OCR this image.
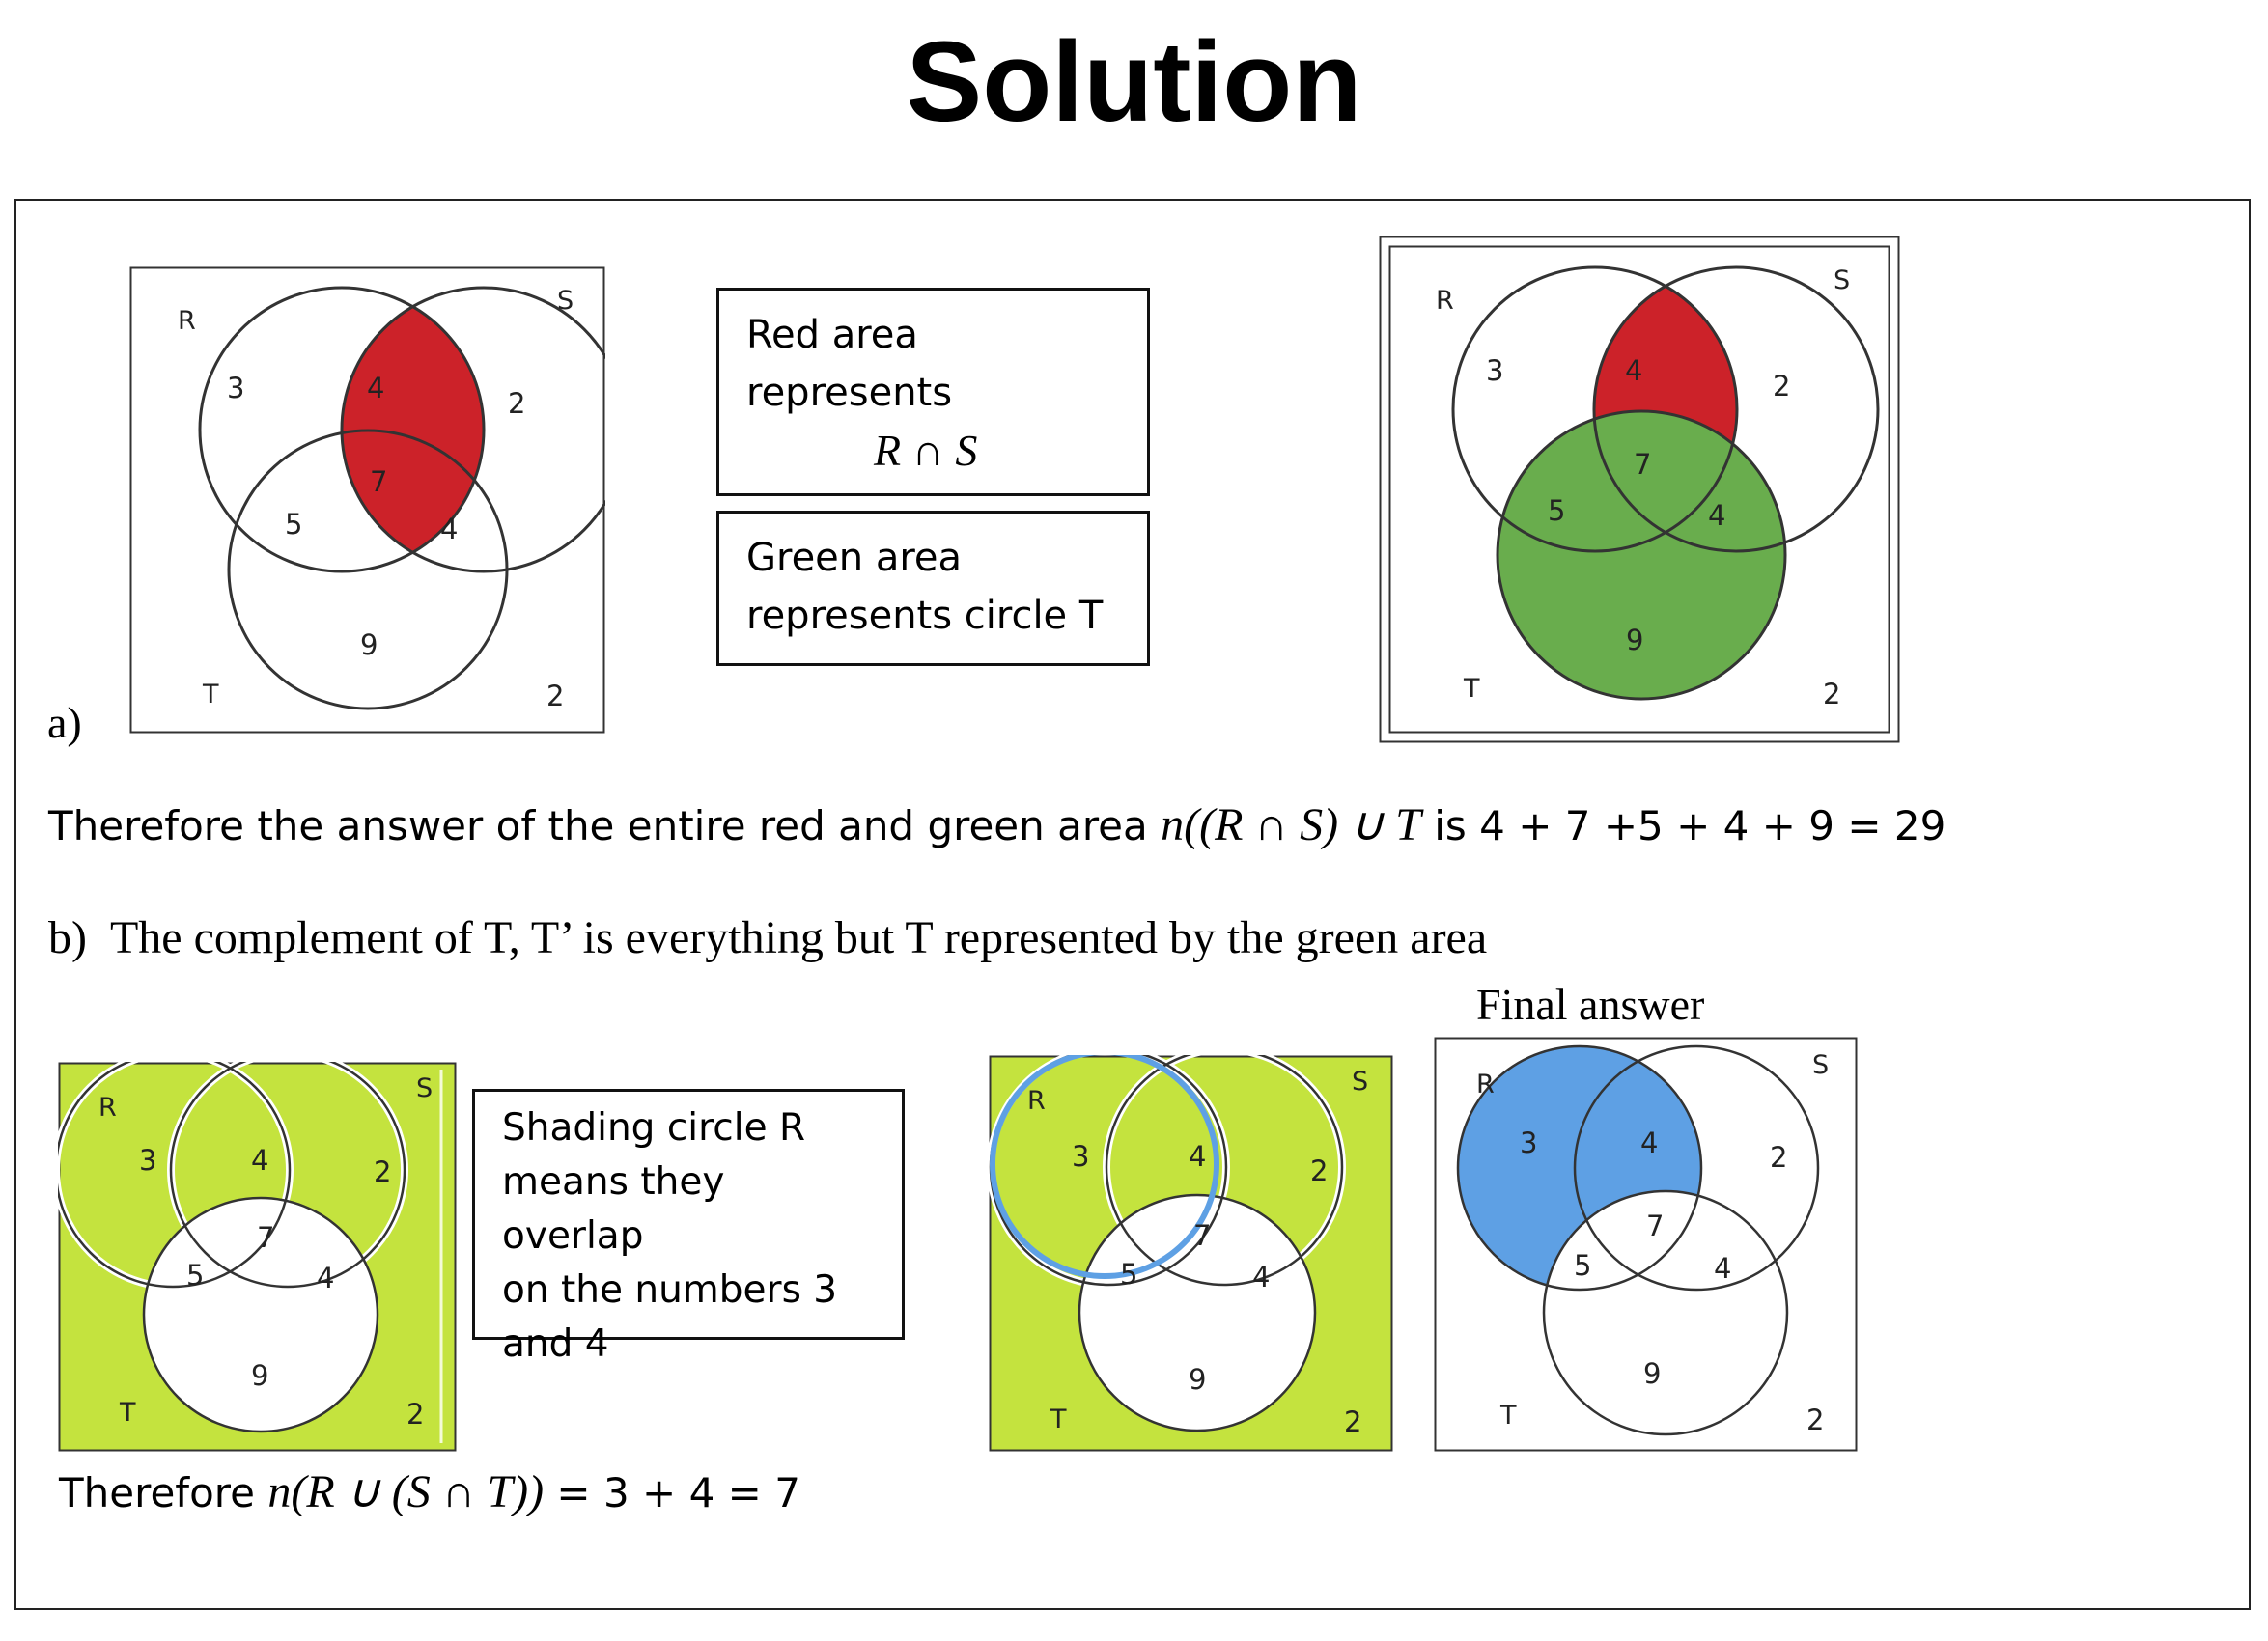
Solution
R
S
T
3	4	2
7
5	4
9
2
Red area
represents
R ∩ S
Green area
represents circle T
R
S
T
3	4	2
7
5	4
9
2
a)
Therefore the answer of the entire red and green area n((R ∩ S) ∪ T is 4 + 7 +5 + 4 + 9 = 29
b) The complement of T, T’ is everything but T represented by the green area
Final answer
R
S
T
3	4	2
7
5	4
9
2
Shading circle R
means they overlap
on the numbers 3
and 4
R
S
T
3	4	2
7
5	4
9
2
R
S
T
3	4	2
7
5	4
9
2
Therefore n(R ∪ (S ∩ T)) = 3 + 4 = 7
